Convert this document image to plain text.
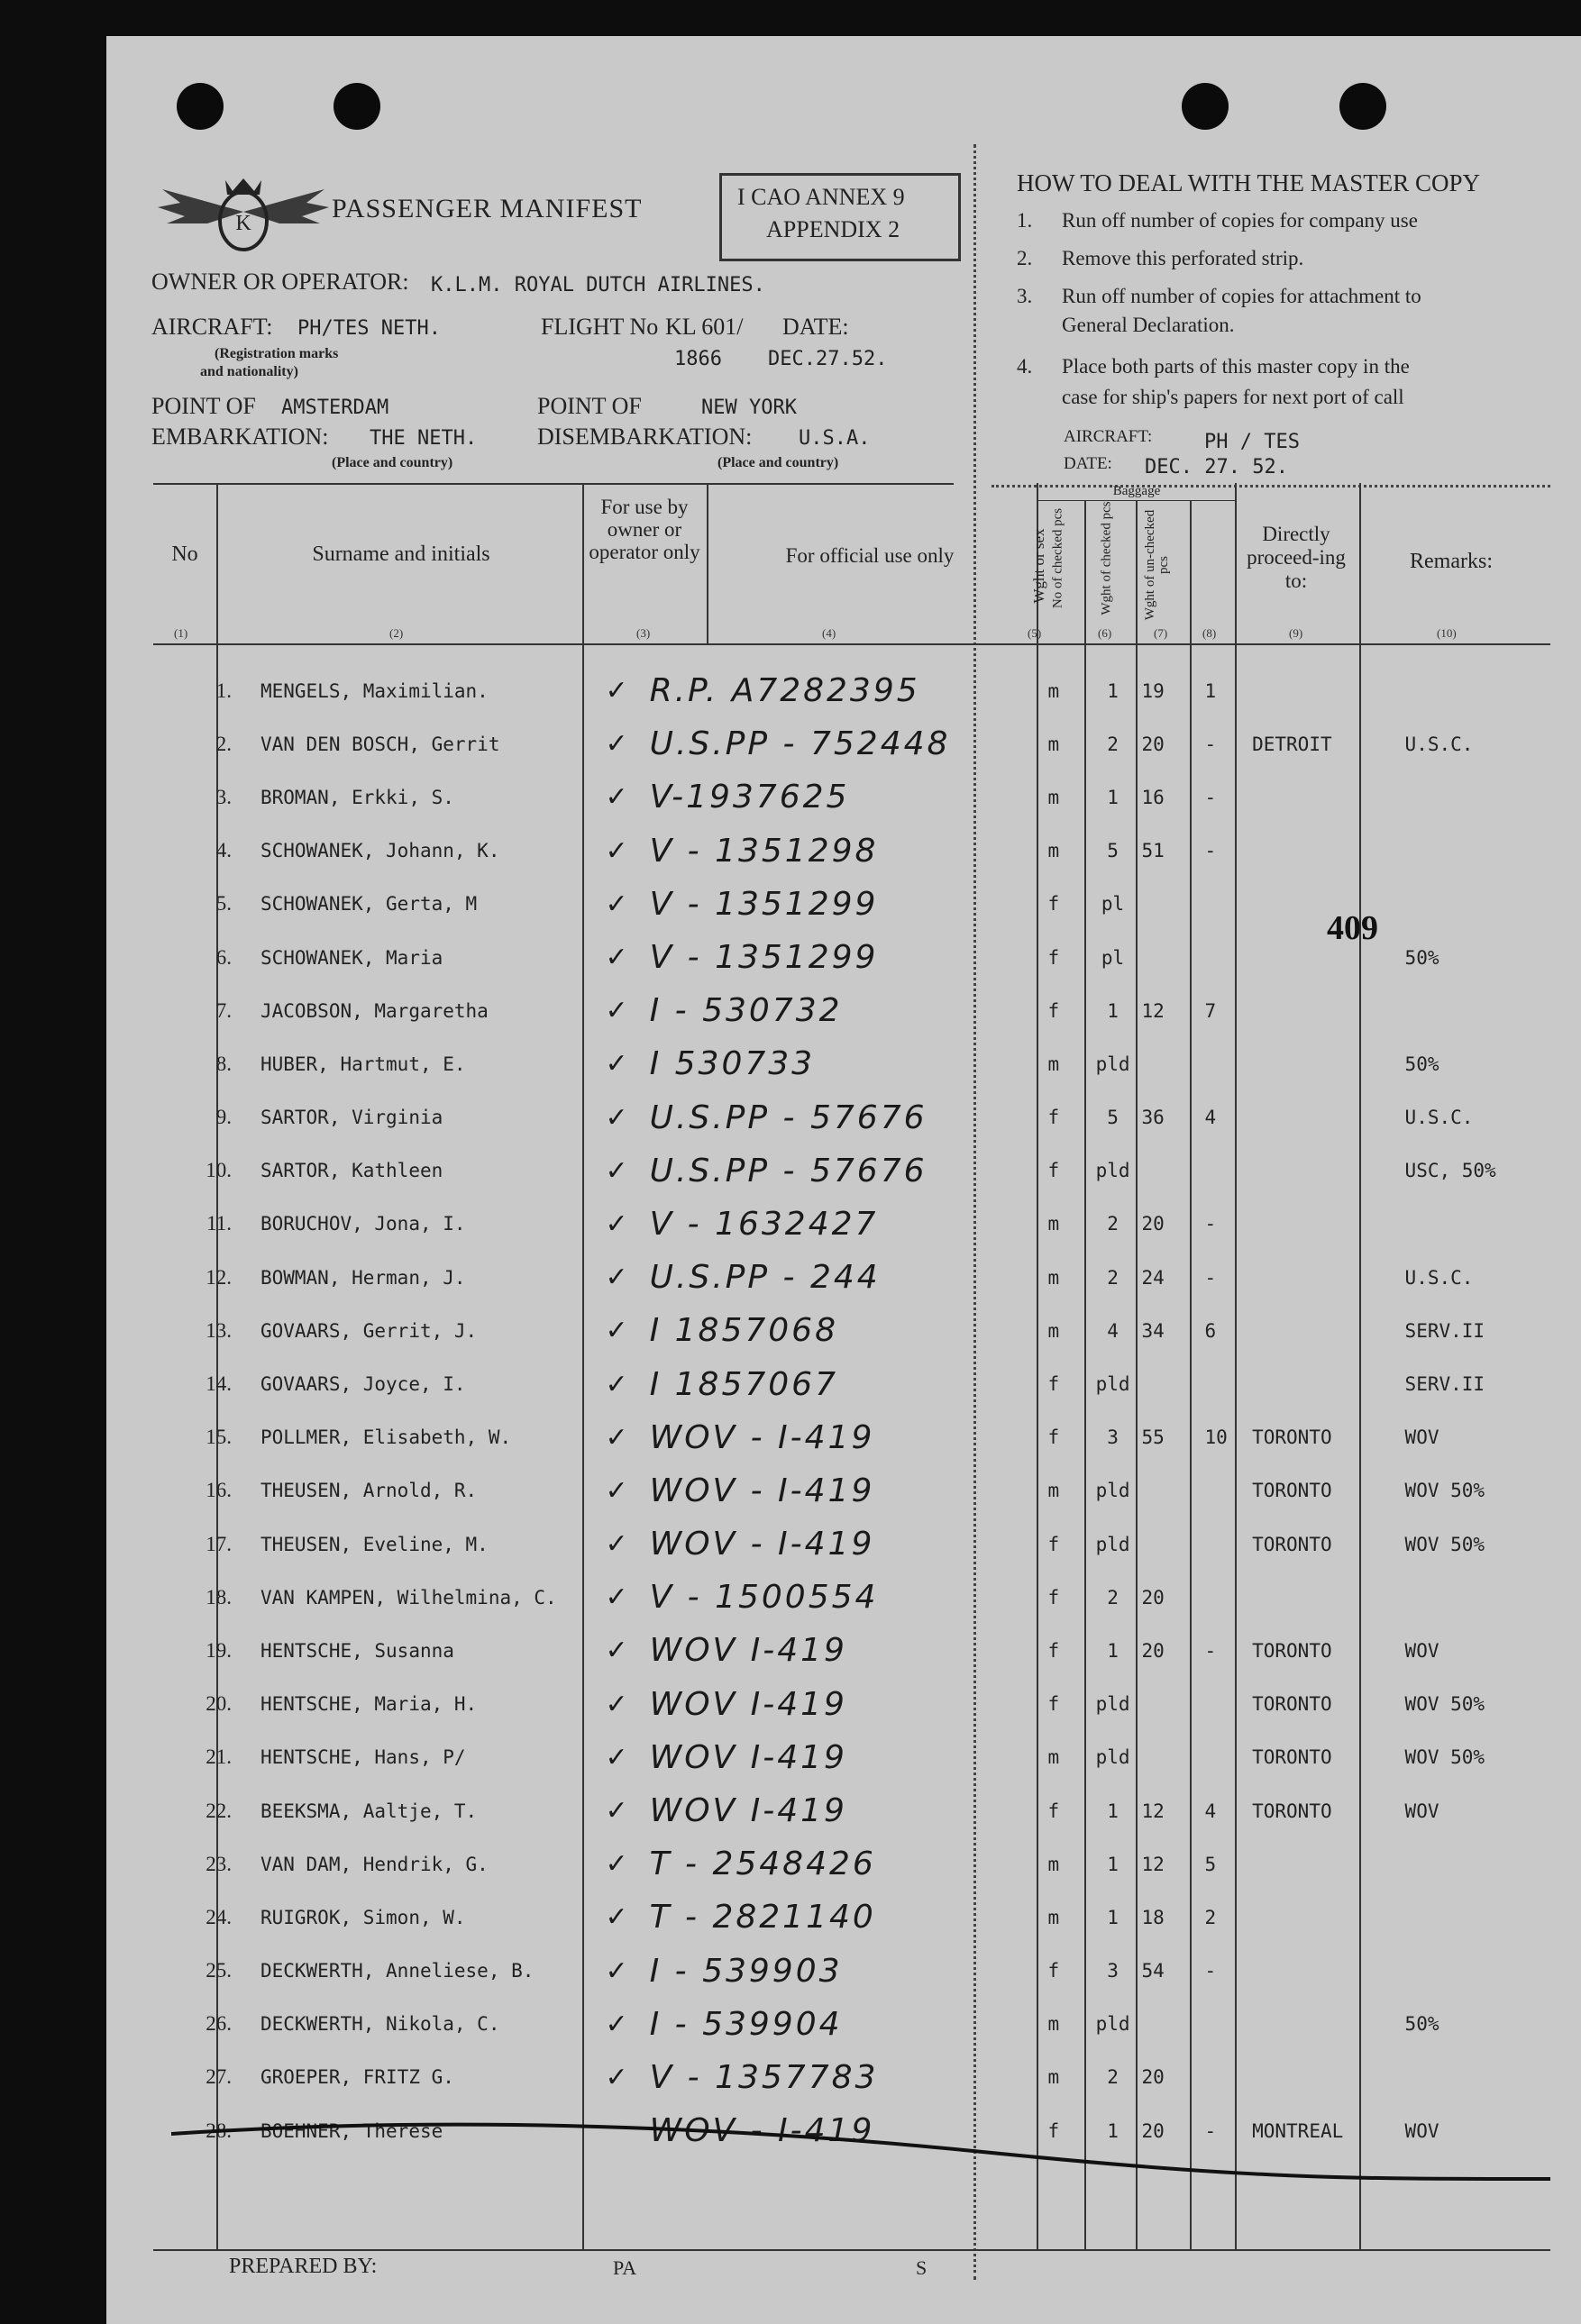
K	PASSENGER MANIFEST	I CAO ANNEX 9
APPENDIX 2
OWNER OR OPERATOR: K.L.M. ROYAL DUTCH AIRLINES.
AIRCRAFT: PH/TES NETH.
(Registration marks
and nationality)
FLIGHT No KL 601/ DATE:
1866 DEC.27.52.
POINT OF AMSTERDAM
EMBARKATION: THE NETH.
(Place and country)
POINT OF	NEW YORK
DISEMBARKATION: U.S.A.
(Place and country)
HOW TO DEAL WITH THE MASTER COPY
1. Run off number of copies for company use
2. Remove this perforated strip.
3. Run off number of copies for attachment to
General Declaration.
4. Place both parts of this master copy in the
case for ship's papers for next port of call
AIRCRAFT:	PH / TES
DATE: DEC. 27. 52.
No	Surname and initials
For use by owner or operator only	For official use only	Wght or sex
Baggage
No of checked pcs	Wght of checked pcs Wght of un-checked pcs
Directly proceed-ing to:
Remarks:
(1)	(2)	(3)	(4)	(5)	(6)	(7)	(8)	(9)	(10)
1.	MENGELS, Maximilian.	✓	R.P. A7282395	m	1	19	1		
2.	VAN DEN BOSCH, Gerrit	✓	U.S.PP - 752448	m	2	20	-	DETROIT	U.S.C.
3.	BROMAN, Erkki, S.	✓	V-1937625	m	1	16	-		
4.	SCHOWANEK, Johann, K.	✓	V - 1351298	m	5	51	-		
5.	SCHOWANEK, Gerta, M	✓	V - 1351299	f	pl				
6.	SCHOWANEK, Maria	✓	V - 1351299	f	pl				50%
7.	JACOBSON, Margaretha	✓	I - 530732	f	1	12	7		
8.	HUBER, Hartmut, E.	✓	I 530733	m	pld				50%
9.	SARTOR, Virginia	✓	U.S.PP - 57676	f	5	36	4		U.S.C.
10.	SARTOR, Kathleen	✓	U.S.PP - 57676	f	pld				USC, 50%
11.	BORUCHOV, Jona, I.	✓	V - 1632427	m	2	20	-		
12.	BOWMAN, Herman, J.	✓	U.S.PP - 244	m	2	24	-		U.S.C.
13.	GOVAARS, Gerrit, J.	✓	I 1857068	m	4	34	6		SERV.II
14.	GOVAARS, Joyce, I.	✓	I 1857067	f	pld				SERV.II
15.	POLLMER, Elisabeth, W.	✓	WOV - I-419	f	3	55	10	TORONTO	WOV
16.	THEUSEN, Arnold, R.	✓	WOV - I-419	m	pld			TORONTO	WOV 50%
17.	THEUSEN, Eveline, M.	✓	WOV - I-419	f	pld			TORONTO	WOV 50%
18.	VAN KAMPEN, Wilhelmina, C.	✓	V - 1500554	f	2	20			
19.	HENTSCHE, Susanna	✓	WOV I-419	f	1	20	-	TORONTO	WOV
20.	HENTSCHE, Maria, H.	✓	WOV I-419	f	pld			TORONTO	WOV 50%
21.	HENTSCHE, Hans, P/	✓	WOV I-419	m	pld			TORONTO	WOV 50%
22.	BEEKSMA, Aaltje, T.	✓	WOV I-419	f	1	12	4	TORONTO	WOV
23.	VAN DAM, Hendrik, G.	✓	T - 2548426	m	1	12	5		
24.	RUIGROK, Simon, W.	✓	T - 2821140	m	1	18	2		
25.	DECKWERTH, Anneliese, B.	✓	I - 539903	f	3	54	-		
26.	DECKWERTH, Nikola, C.	✓	I - 539904	m	pld				50%
27.	GROEPER, FRITZ G.	✓	V - 1357783	m	2	20			
28.	BOEHNER, Therese		WOV - I-419	f	1	20	-	MONTREAL	WOV
409
PREPARED BY:	PA	S
